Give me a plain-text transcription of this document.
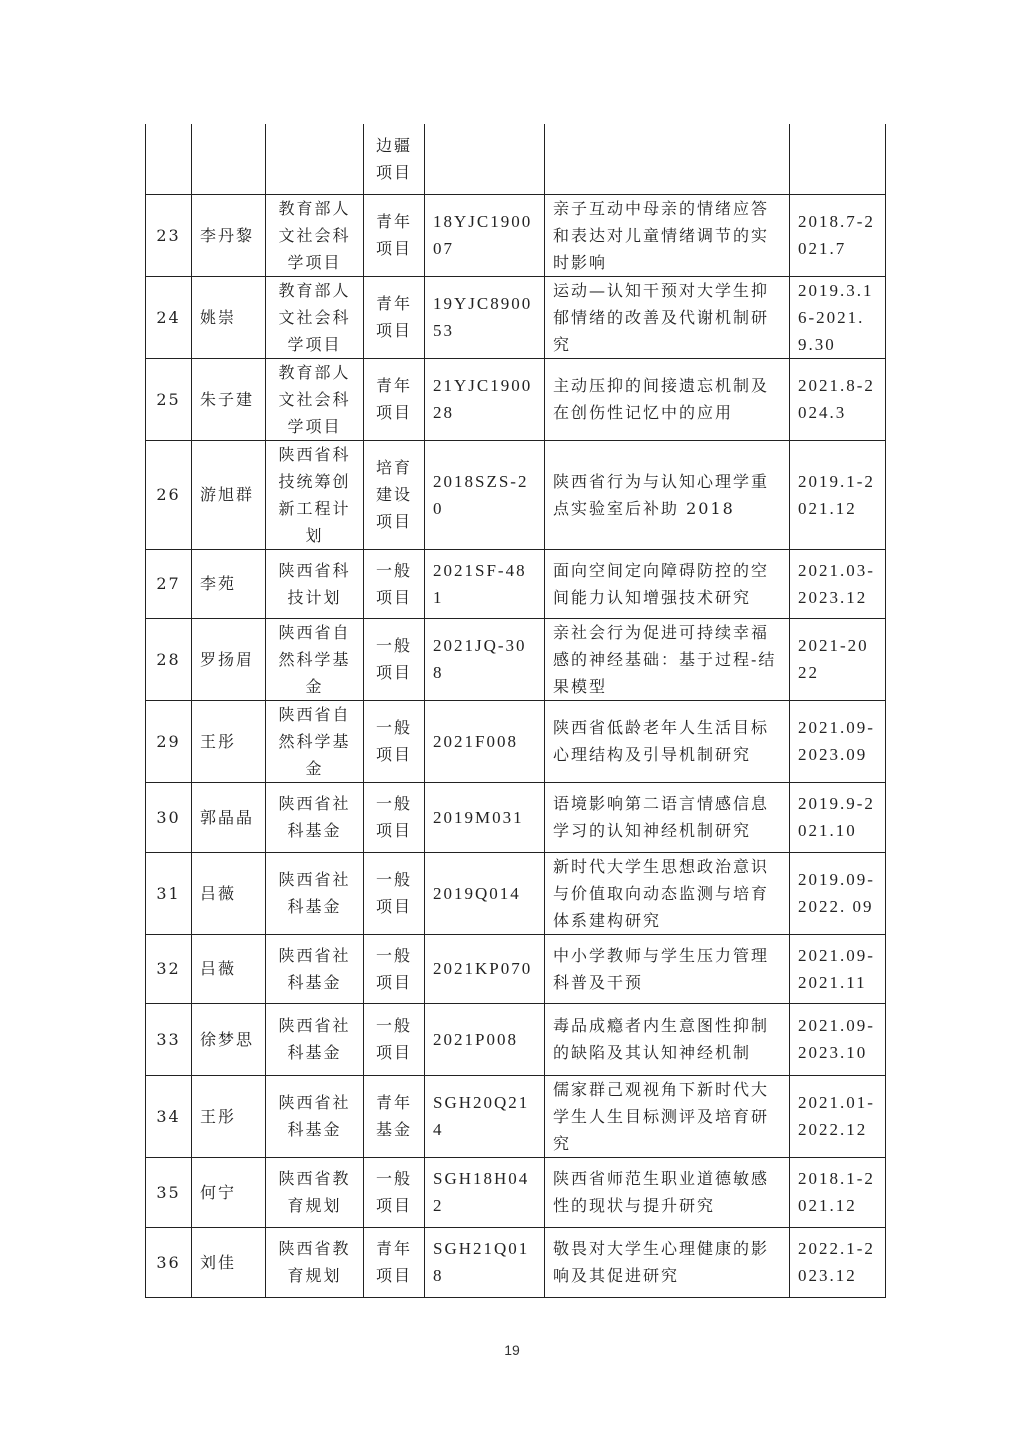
			边疆项目			
23	李丹黎	教育部人文社会科学项目	青年项目	18YJC190007	亲子互动中母亲的情绪应答和表达对儿童情绪调节的实时影响	2018.7-2021.7
24	姚崇	教育部人文社会科学项目	青年项目	19YJC890053	运动—认知干预对大学生抑郁情绪的改善及代谢机制研究	2019.3.16-2021.9.30
25	朱子建	教育部人文社会科学项目	青年项目	21YJC190028	主动压抑的间接遗忘机制及在创伤性记忆中的应用	2021.8-2024.3
26	游旭群	陕西省科技统筹创新工程计划	培育建设项目	2018SZS-20	陕西省行为与认知心理学重点实验室后补助 2018	2019.1-2021.12
27	李苑	陕西省科技计划	一般项目	2021SF-481	面向空间定向障碍防控的空间能力认知增强技术研究	2021.03-2023.12
28	罗扬眉	陕西省自然科学基金	一般项目	2021JQ-308	亲社会行为促进可持续幸福感的神经基础：基于过程-结果模型	2021-2022
29	王彤	陕西省自然科学基金	一般项目	2021F008	陕西省低龄老年人生活目标心理结构及引导机制研究	2021.09-2023.09
30	郭晶晶	陕西省社科基金	一般项目	2019M031	语境影响第二语言情感信息学习的认知神经机制研究	2019.9-2021.10
31	吕薇	陕西省社科基金	一般项目	2019Q014	新时代大学生思想政治意识与价值取向动态监测与培育体系建构研究	2019.09-2022. 09
32	吕薇	陕西省社科基金	一般项目	2021KP070	中小学教师与学生压力管理科普及干预	2021.09-2021.11
33	徐梦思	陕西省社科基金	一般项目	2021P008	毒品成瘾者内生意图性抑制的缺陷及其认知神经机制	2021.09-2023.10
34	王彤	陕西省社科基金	青年基金	SGH20Q214	儒家群己观视角下新时代大学生人生目标测评及培育研究	2021.01-2022.12
35	何宁	陕西省教育规划	一般项目	SGH18H042	陕西省师范生职业道德敏感性的现状与提升研究	2018.1-2021.12
36	刘佳	陕西省教育规划	青年项目	SGH21Q018	敬畏对大学生心理健康的影响及其促进研究	2022.1-2023.12
19
